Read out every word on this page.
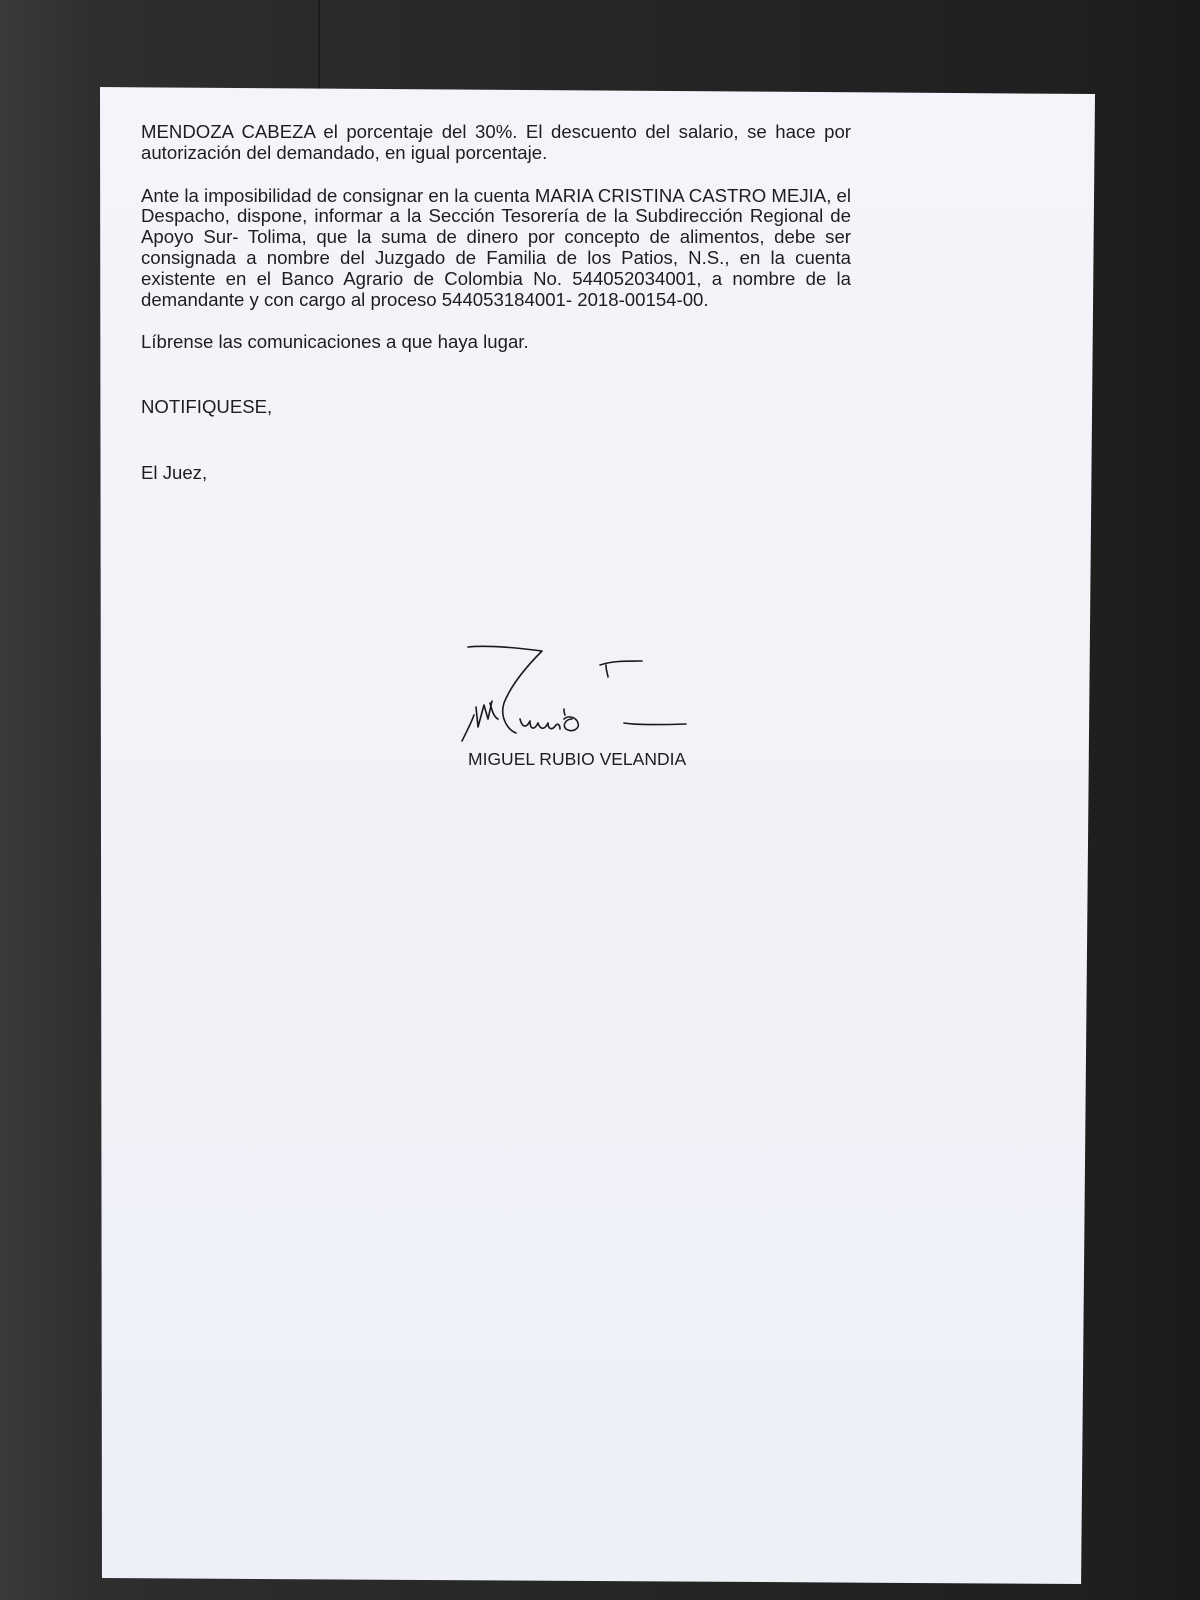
MENDOZA CABEZA el porcentaje del 30%. El descuento del salario, se hace por autorización del demandado, en igual porcentaje.

Ante la imposibilidad de consignar en la cuenta MARIA CRISTINA CASTRO MEJIA, el Despacho, dispone, informar a la Sección Tesorería de la Subdirección Regional de Apoyo Sur- Tolima, que la suma de dinero por concepto de alimentos, debe ser consignada a nombre del Juzgado de Familia de los Patios, N.S., en la cuenta existente en el Banco Agrario de Colombia No. 544052034001, a nombre de la demandante y con cargo al proceso 544053184001- 2018-00154-00.

Líbrense las comunicaciones a que haya lugar.

NOTIFIQUESE,

El Juez,

MIGUEL RUBIO VELANDIA
